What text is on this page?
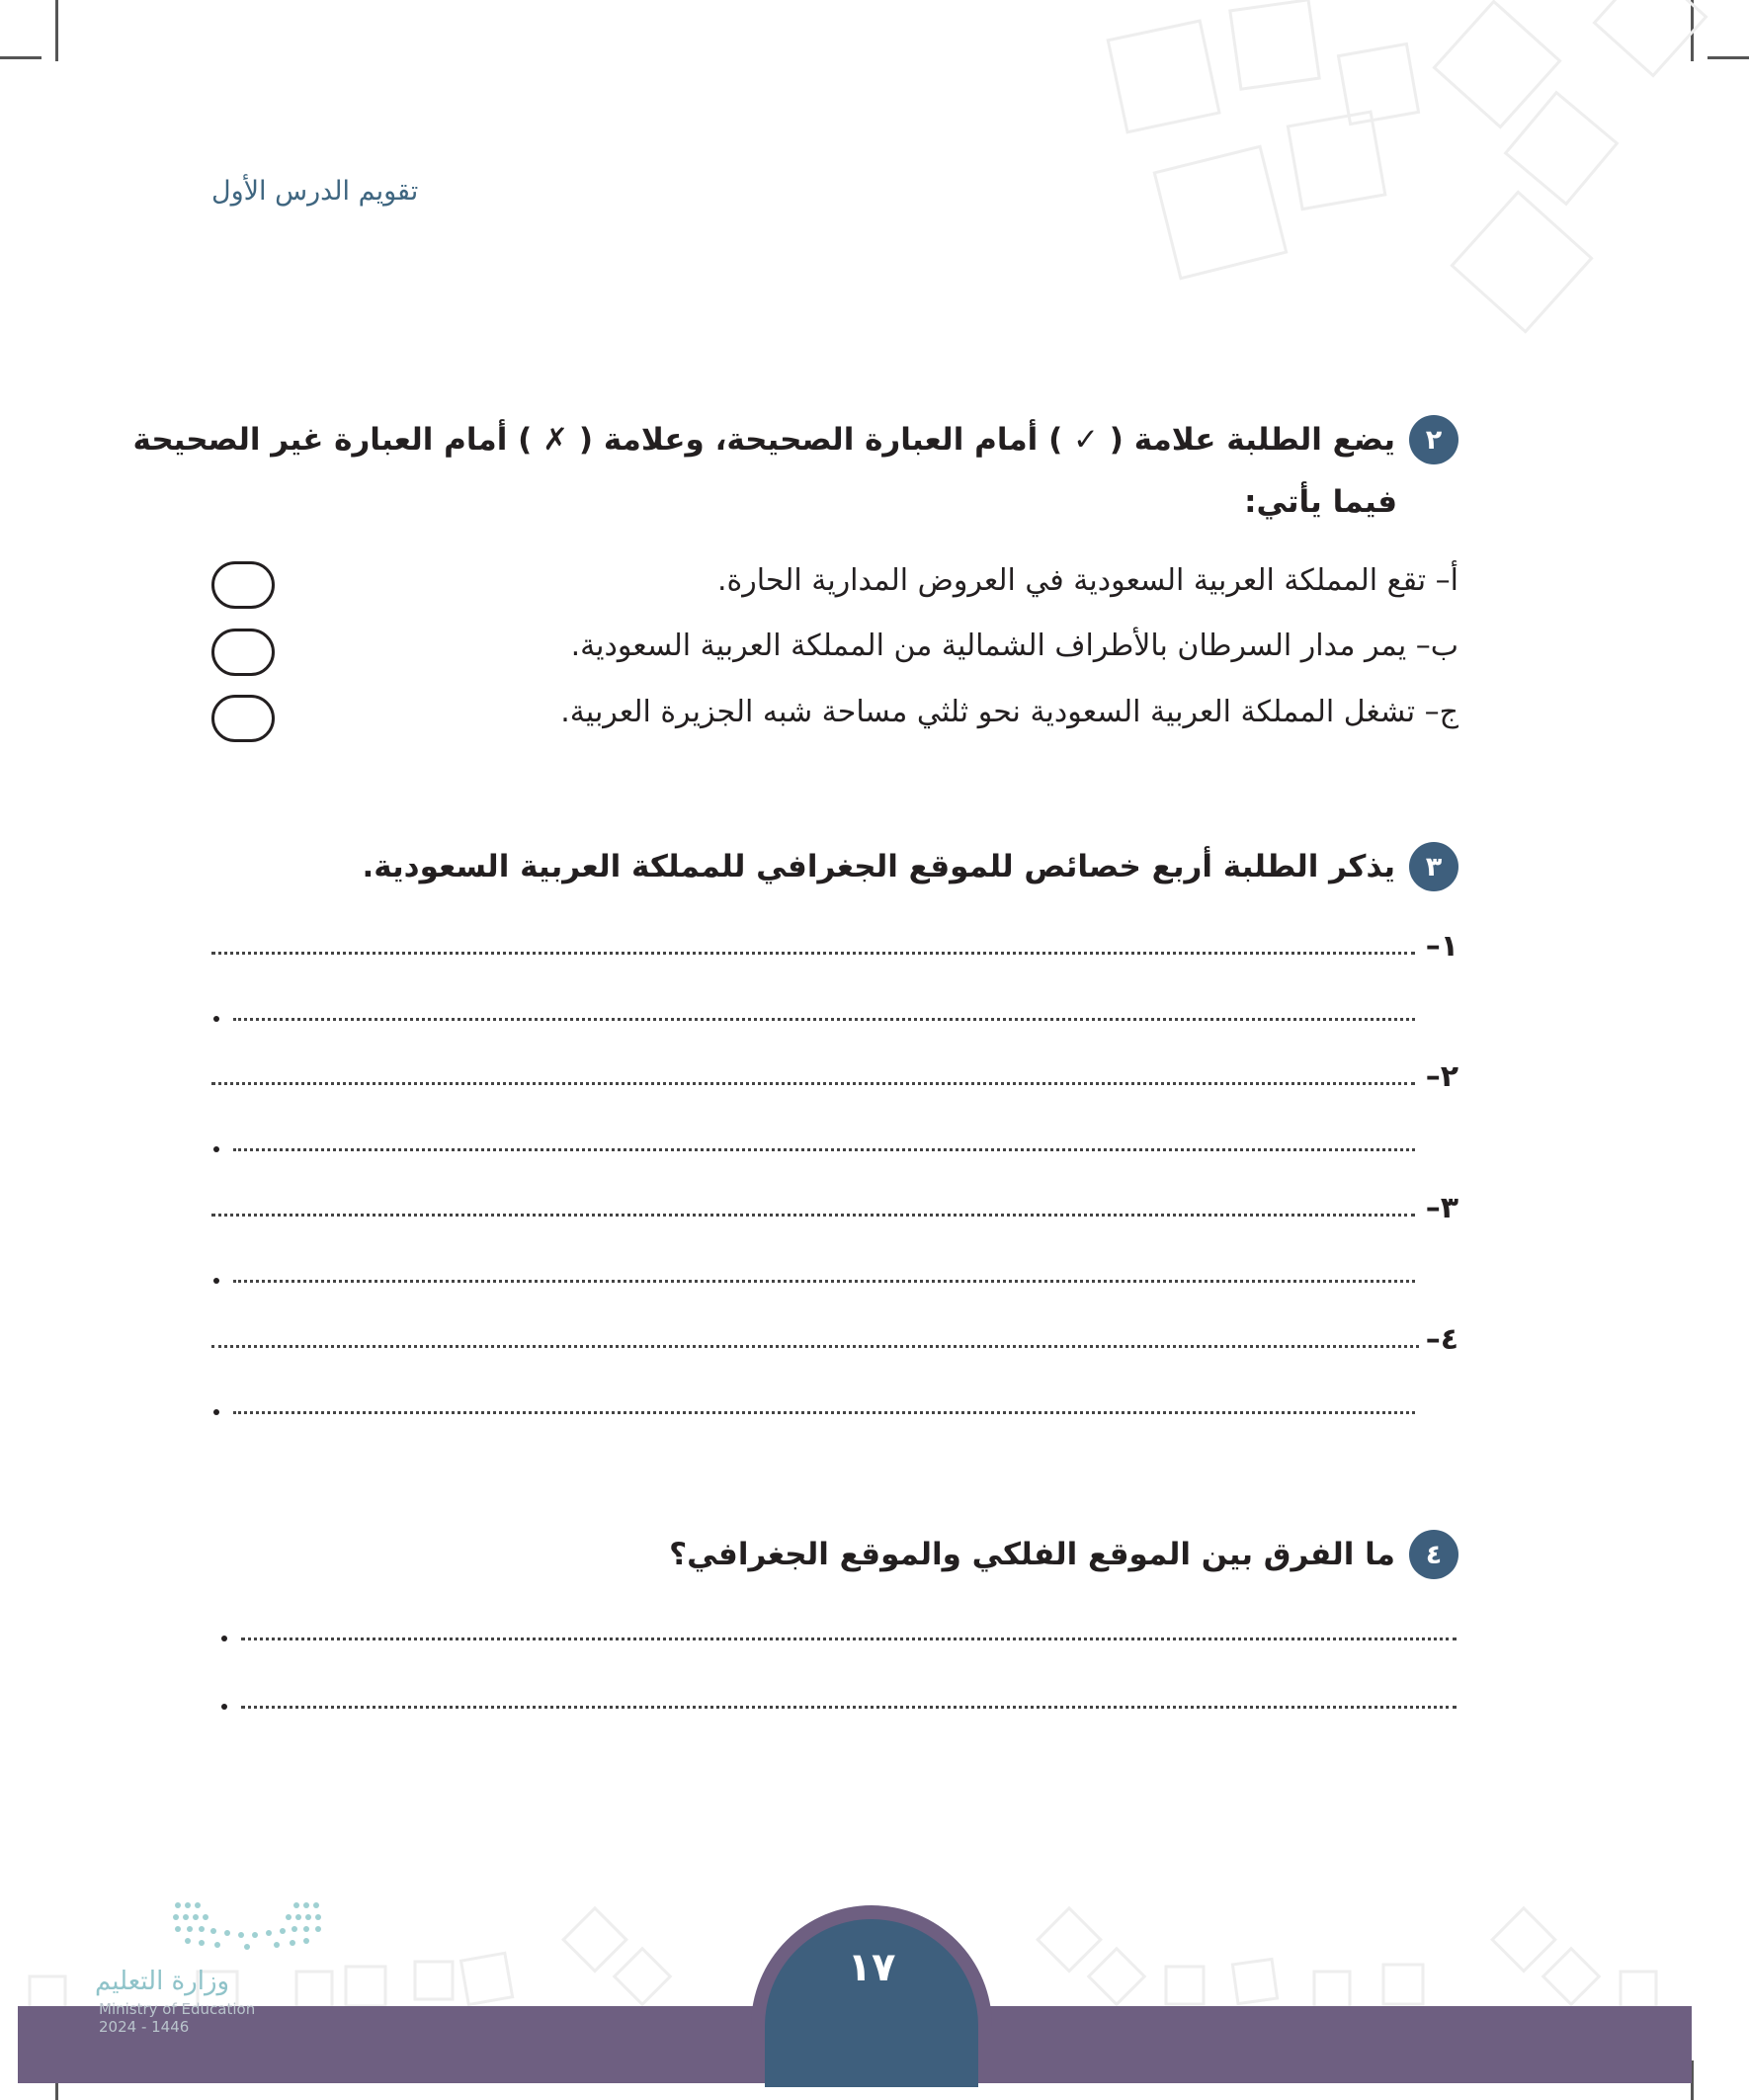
تقويم الدرس الأول
٢
يضع الطلبة علامة ( ✓ ) أمام العبارة الصحيحة، وعلامة ( ✗ ) أمام العبارة غير الصحيحة
فيما يأتي:
أ– تقع المملكة العربية السعودية في العروض المدارية الحارة.
ب– يمر مدار السرطان بالأطراف الشمالية من المملكة العربية السعودية.
ج– تشغل المملكة العربية السعودية نحو ثلثي مساحة شبه الجزيرة العربية.
٣
يذكر الطلبة أربع خصائص للموقع الجغرافي للمملكة العربية السعودية.
١–
٢–
٣–
٤–
٤
ما الفرق بين الموقع الفلكي والموقع الجغرافي؟
١٧
وزارة التعليم
Ministry of Education
2024 - 1446
